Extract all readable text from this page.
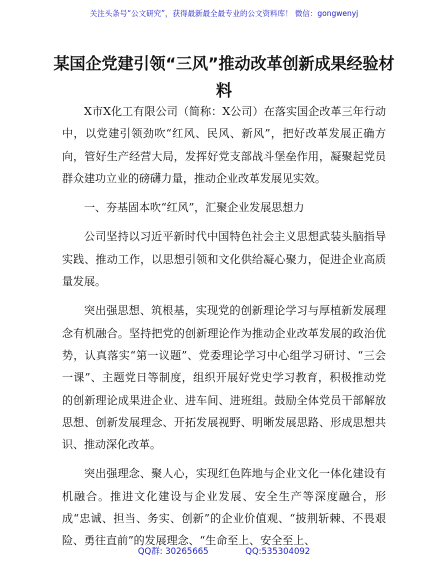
关注头条号“公文研究”，获得最新最全最专业的公文资料库！ 微信：gongwenyj
某国企党建引领“三风”推动改革创新成果经验材料

X市X化工有限公司（简称：X公司）在落实国企改革三年行动中，以党建引领劲吹“红风、民风、新风”，把好改革发展正确方向，管好生产经营大局，发挥好党支部战斗堡垒作用，凝聚起党员群众建功立业的磅礴力量，推动企业改革发展见实效。

一、夯基固本吹“红风”，汇聚企业发展思想力

公司坚持以习近平新时代中国特色社会主义思想武装头脑指导实践、推动工作，以思想引领和文化供给凝心聚力，促进企业高质量发展。

突出强思想、筑根基，实现党的创新理论学习与厚植新发展理念有机融合。坚持把党的创新理论作为推动企业改革发展的政治优势，认真落实“第一议题”、党委理论学习中心组学习研讨、“三会一课”、主题党日等制度，组织开展好党史学习教育，积极推动党的创新理论成果进企业、进车间、进班组。鼓励全体党员干部解放思想、创新发展理念、开拓发展视野、明晰发展思路、形成思想共识、推动深化改革。

突出强理念、聚人心，实现红色阵地与企业文化一体化建设有机融合。推进文化建设与企业发展、安全生产等深度融合，形成“忠诚、担当、务实、创新”的企业价值观、“披荆斩棘、不畏艰险、勇往直前”的发展理念、“生命至上、安全至上、

QQ群: 30265665	QQ:535304092
